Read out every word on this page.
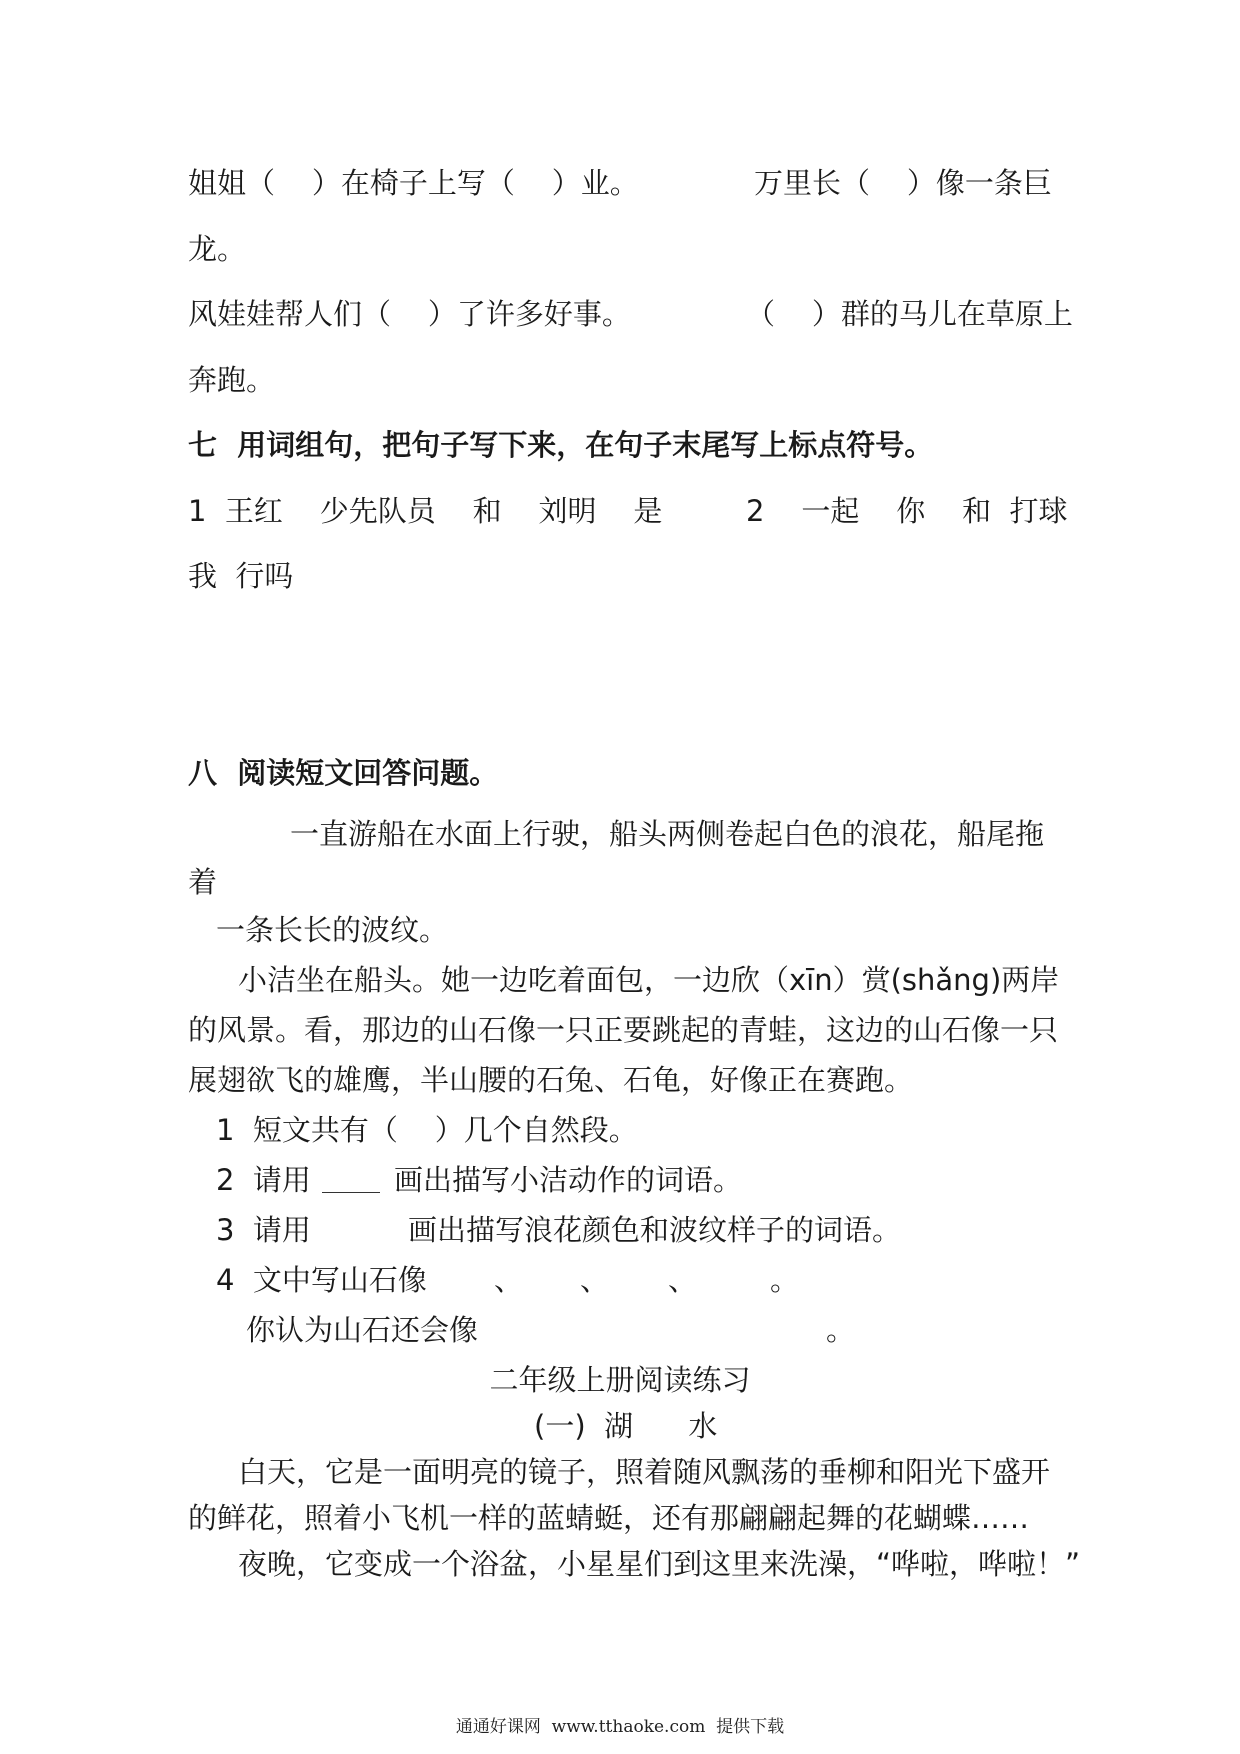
姐姐（    ）在椅子上写（    ）业。	万里长（    ）像一条巨
龙。
风娃娃帮人们（    ）了许多好事。	（    ）群的马儿在草原上
奔跑。
七  用词组句，把句子写下来，在句子末尾写上标点符号。
1  王红    少先队员    和    刘明    是	2    一起    你    和  打球
我  行吗
八  阅读短文回答问题。
一直游船在水面上行驶，船头两侧卷起白色的浪花，船尾拖
着
一条长长的波纹。
小洁坐在船头。她一边吃着面包，一边欣（xīn）赏(shǎng)两岸
的风景。看，那边的山石像一只正要跳起的青蛙，这边的山石像一只
展翅欲飞的雄鹰，半山腰的石兔、石龟，好像正在赛跑。
1  短文共有（    ）几个自然段。
2  请用	画出描写小洁动作的词语。
3  请用	画出描写浪花颜色和波纹样子的词语。
4  文中写山石像 、 、 、	。
你认为山石还会像	。
二年级上册阅读练习
(一)  湖      水
白天，它是一面明亮的镜子，照着随风飘荡的垂柳和阳光下盛开
的鲜花，照着小飞机一样的蓝蜻蜓，还有那翩翩起舞的花蝴蝶……
夜晚，它变成一个浴盆，小星星们到这里来洗澡，“哗啦，哗啦！”
通通好课网  www.tthaoke.com  提供下载
